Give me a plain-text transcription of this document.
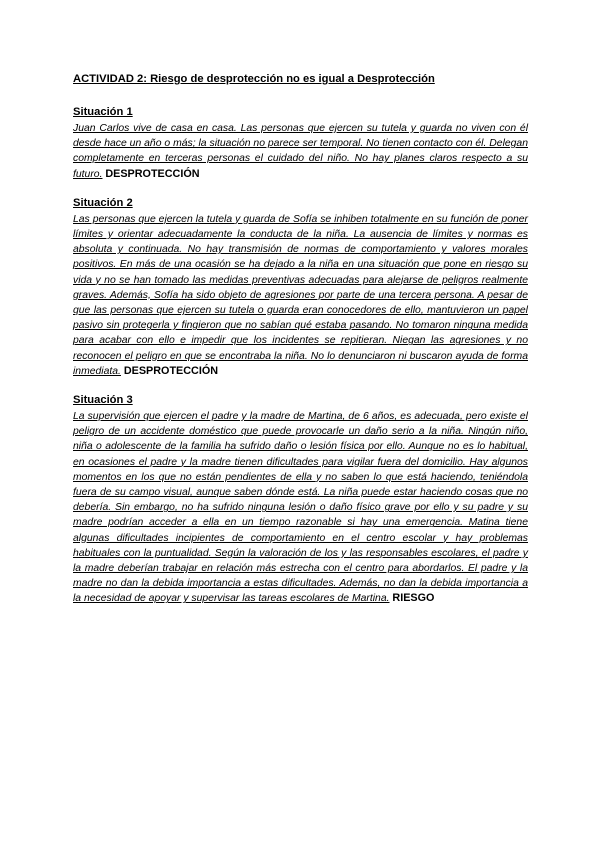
ACTIVIDAD 2: Riesgo de desprotección no es igual a Desprotección
Situación 1

Juan Carlos vive de casa en casa. Las personas que ejercen su tutela y guarda no viven con él desde hace un año o más; la situación no parece ser temporal. No tienen contacto con él. Delegan completamente en terceras personas el cuidado del niño. No hay planes claros respecto a su futuro. DESPROTECCIÓN

Situación 2

Las personas que ejercen la tutela y guarda de Sofía se inhiben totalmente en su función de poner límites y orientar adecuadamente la conducta de la niña. La ausencia de límites y normas es absoluta y continuada. No hay transmisión de normas de comportamiento y valores morales positivos. En más de una ocasión se ha dejado a la niña en una situación que pone en riesgo su vida y no se han tomado las medidas preventivas adecuadas para alejarse de peligros realmente graves. Además, Sofía ha sido objeto de agresiones por parte de una tercera persona. A pesar de que las personas que ejercen su tutela o guarda eran conocedores de ello, mantuvieron un papel pasivo sin protegerla y fingieron que no sabían qué estaba pasando. No tomaron ninguna medida para acabar con ello e impedir que los incidentes se repitieran. Niegan las agresiones y no reconocen el peligro en que se encontraba la niña. No lo denunciaron ni buscaron ayuda de forma inmediata. DESPROTECCIÓN

Situación 3

La supervisión que ejercen el padre y la madre de Martina, de 6 años, es adecuada, pero existe el peligro de un accidente doméstico que puede provocarle un daño serio a la niña. Ningún niño, niña o adolescente de la familia ha sufrido daño o lesión física por ello. Aunque no es lo habitual, en ocasiones el padre y la madre tienen dificultades para vigilar fuera del domicilio. Hay algunos momentos en los que no están pendientes de ella y no saben lo que está haciendo, teniéndola fuera de su campo visual, aunque saben dónde está. La niña puede estar haciendo cosas que no debería. Sin embargo, no ha sufrido ninguna lesión o daño físico grave por ello y su padre y su madre podrían acceder a ella en un tiempo razonable si hay una emergencia. Matina tiene algunas dificultades incipientes de comportamiento en el centro escolar y hay problemas habituales con la puntualidad. Según la valoración de los y las responsables escolares, el padre y la madre deberían trabajar en relación más estrecha con el centro para abordarlos. El padre y la madre no dan la debida importancia a estas dificultades. Además, no dan la debida importancia a la necesidad de apoyar y supervisar las tareas escolares de Martina. RIESGO
